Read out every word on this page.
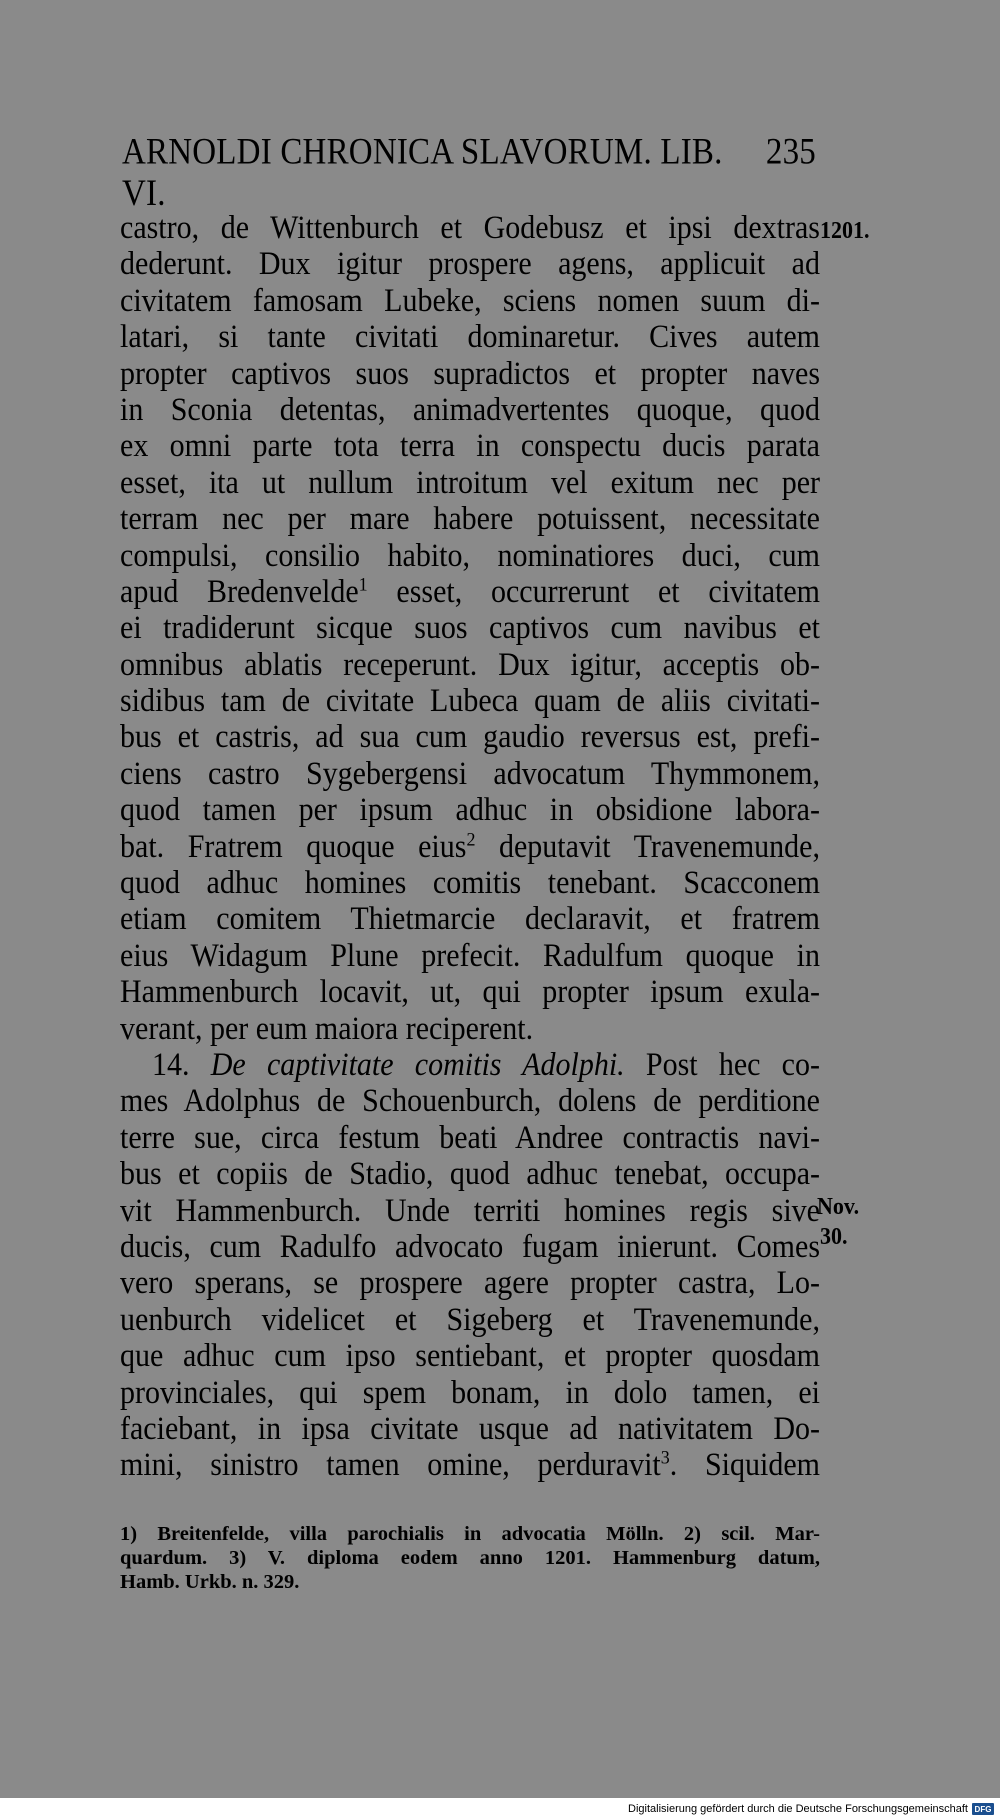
ARNOLDI CHRONICA SLAVORUM. LIB. VI.
235
castro, de Wittenburch et Godebusz et ipsi dextras
dederunt. Dux igitur prospere agens, applicuit ad
civitatem famosam Lubeke, sciens nomen suum di-
latari, si tante civitati dominaretur. Cives autem
propter captivos suos supradictos et propter naves
in Sconia detentas, animadvertentes quoque, quod
ex omni parte tota terra in conspectu ducis parata
esset, ita ut nullum introitum vel exitum nec per
terram nec per mare habere potuissent, necessitate
compulsi, consilio habito, nominatiores duci, cum
apud Bredenvelde$^1$ esset, occurrerunt et civitatem
ei tradiderunt sicque suos captivos cum navibus et
omnibus ablatis receperunt. Dux igitur, acceptis ob-
sidibus tam de civitate Lubeca quam de aliis civitati-
bus et castris, ad sua cum gaudio reversus est, prefi-
ciens castro Sygebergensi advocatum Thymmonem,
quod tamen per ipsum adhuc in obsidione labora-
bat. Fratrem quoque eius$^2$ deputavit Travenemunde,
quod adhuc homines comitis tenebant. Scacconem
etiam comitem Thietmarcie declaravit, et fratrem
eius Widagum Plune prefecit. Radulfum quoque in
Hammenburch locavit, ut, qui propter ipsum exula-
verant, per eum maiora reciperent.
14. De captivitate comitis Adolphi. Post hec co-
mes Adolphus de Schouenburch, dolens de perditione
terre sue, circa festum beati Andree contractis navi-
bus et copiis de Stadio, quod adhuc tenebat, occupa-
vit Hammenburch. Unde territi homines regis sive
ducis, cum Radulfo advocato fugam inierunt. Comes
vero sperans, se prospere agere propter castra, Lo-
uenburch videlicet et Sigeberg et Travenemunde,
que adhuc cum ipso sentiebant, et propter quosdam
provinciales, qui spem bonam, in dolo tamen, ei
faciebant, in ipsa civitate usque ad nativitatem Do-
mini, sinistro tamen omine, perduravit$^3$. Siquidem
1201.
Nov.
30.
1) Breitenfelde, villa parochialis in advocatia Mölln. 2) scil. Mar-
quardum. 3) V. diploma eodem anno 1201. Hammenburg datum,
Hamb. Urkb. n. 329.
Digitalisierung gefördert durch die Deutsche Forschungsgemeinschaft DFG
